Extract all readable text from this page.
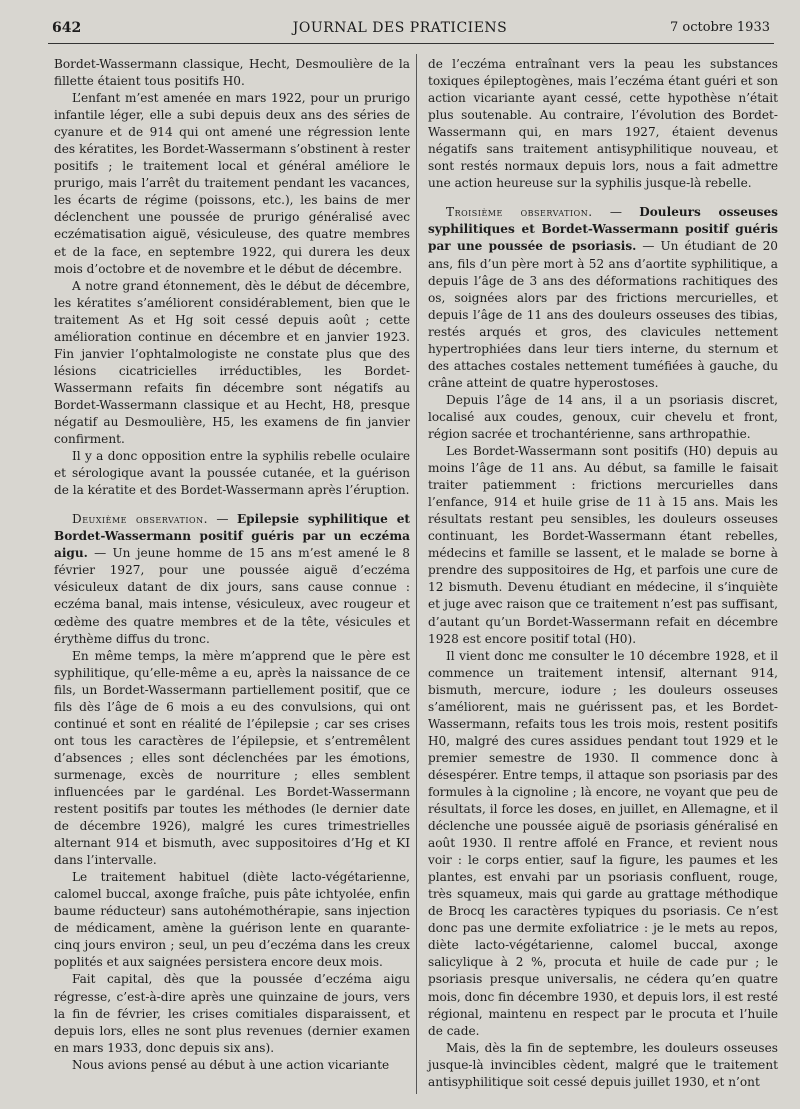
642	JOURNAL DES PRATICIENS	7 octobre 1933

Bordet-Wassermann classique, Hecht, Desmoulière de la fillette étaient tous positifs H0.

L’enfant m’est amenée en mars 1922, pour un prurigo infantile léger, elle a subi depuis deux ans des séries de cyanure et de 914 qui ont amené une régression lente des kératites, les Bordet-Wassermann s’obstinent à rester positifs ; le traitement local et général améliore le prurigo, mais l’arrêt du traitement pendant les vacances, les écarts de régime (poissons, etc.), les bains de mer déclenchent une poussée de prurigo généralisé avec eczématisation aiguë, vésiculeuse, des quatre membres et de la face, en septembre 1922, qui durera les deux mois d’octobre et de novembre et le début de décembre.

A notre grand étonnement, dès le début de décembre, les kératites s’améliorent considérablement, bien que le traitement As et Hg soit cessé depuis août ; cette amélioration continue en décembre et en janvier 1923. Fin janvier l’ophtalmologiste ne constate plus que des lésions cicatricielles irréductibles, les Bordet-Wassermann refaits fin décembre sont négatifs au Bordet-Wassermann classique et au Hecht, H8, presque négatif au Desmoulière, H5, les examens de fin janvier confirment.

Il y a donc opposition entre la syphilis rebelle oculaire et sérologique avant la poussée cutanée, et la guérison de la kératite et des Bordet-Wassermann après l’éruption.

Deuxième observation. — Epilepsie syphilitique et Bordet-Wassermann positif guéris par un eczéma aigu. — Un jeune homme de 15 ans m’est amené le 8 février 1927, pour une poussée aiguë d’eczéma vésiculeux datant de dix jours, sans cause connue : eczéma banal, mais intense, vésiculeux, avec rougeur et œdème des quatre membres et de la tête, vésicules et érythème diffus du tronc.

En même temps, la mère m’apprend que le père est syphilitique, qu’elle-même a eu, après la naissance de ce fils, un Bordet-Wassermann partiellement positif, que ce fils dès l’âge de 6 mois a eu des convulsions, qui ont continué et sont en réalité de l’épilepsie ; car ses crises ont tous les caractères de l’épilepsie, et s’entremêlent d’absences ; elles sont déclenchées par les émotions, surmenage, excès de nourriture ; elles semblent influencées par le gardénal. Les Bordet-Wassermann restent positifs par toutes les méthodes (le dernier date de décembre 1926), malgré les cures trimestrielles alternant 914 et bismuth, avec suppositoires d’Hg et KI dans l’intervalle.

Le traitement habituel (diète lacto-végétarienne, calomel buccal, axonge fraîche, puis pâte ichtyolée, enfin baume réducteur) sans autohémothérapie, sans injection de médicament, amène la guérison lente en quarante-cinq jours environ ; seul, un peu d’eczéma dans les creux poplités et aux saignées persistera encore deux mois.

Fait capital, dès que la poussée d’eczéma aigu régresse, c’est-à-dire après une quinzaine de jours, vers la fin de février, les crises comitiales disparaissent, et depuis lors, elles ne sont plus revenues (dernier examen en mars 1933, donc depuis six ans).

Nous avions pensé au début à une action vicariante

de l’eczéma entraînant vers la peau les substances toxiques épileptogènes, mais l’eczéma étant guéri et son action vicariante ayant cessé, cette hypothèse n’était plus soutenable. Au contraire, l’évolution des Bordet-Wassermann qui, en mars 1927, étaient devenus négatifs sans traitement antisyphilitique nouveau, et sont restés normaux depuis lors, nous a fait admettre une action heureuse sur la syphilis jusque-là rebelle.

Troisième observation. — Douleurs osseuses syphilitiques et Bordet-Wassermann positif guéris par une poussée de psoriasis. — Un étudiant de 20 ans, fils d’un père mort à 52 ans d’aortite syphilitique, a depuis l’âge de 3 ans des déformations rachitiques des os, soignées alors par des frictions mercurielles, et depuis l’âge de 11 ans des douleurs osseuses des tibias, restés arqués et gros, des clavicules nettement hypertrophiées dans leur tiers interne, du sternum et des attaches costales nettement tuméfiées à gauche, du crâne atteint de quatre hyperostoses.

Depuis l’âge de 14 ans, il a un psoriasis discret, localisé aux coudes, genoux, cuir chevelu et front, région sacrée et trochantérienne, sans arthropathie.

Les Bordet-Wassermann sont positifs (H0) depuis au moins l’âge de 11 ans. Au début, sa famille le faisait traiter patiemment : frictions mercurielles dans l’enfance, 914 et huile grise de 11 à 15 ans. Mais les résultats restant peu sensibles, les douleurs osseuses continuant, les Bordet-Wassermann étant rebelles, médecins et famille se lassent, et le malade se borne à prendre des suppositoires de Hg, et parfois une cure de 12 bismuth. Devenu étudiant en médecine, il s’inquiète et juge avec raison que ce traitement n’est pas suffisant, d’autant qu’un Bordet-Wassermann refait en décembre 1928 est encore positif total (H0).

Il vient donc me consulter le 10 décembre 1928, et il commence un traitement intensif, alternant 914, bismuth, mercure, iodure ; les douleurs osseuses s’améliorent, mais ne guérissent pas, et les Bordet-Wassermann, refaits tous les trois mois, restent positifs H0, malgré des cures assidues pendant tout 1929 et le premier semestre de 1930. Il commence donc à désespérer. Entre temps, il attaque son psoriasis par des formules à la cignoline ; là encore, ne voyant que peu de résultats, il force les doses, en juillet, en Allemagne, et il déclenche une poussée aiguë de psoriasis généralisé en août 1930. Il rentre affolé en France, et revient nous voir : le corps entier, sauf la figure, les paumes et les plantes, est envahi par un psoriasis confluent, rouge, très squameux, mais qui garde au grattage méthodique de Brocq les caractères typiques du psoriasis. Ce n’est donc pas une dermite exfoliatrice : je le mets au repos, diète lacto-végétarienne, calomel buccal, axonge salicylique à 2 %, procuta et huile de cade pur ; le psoriasis presque universalis, ne cédera qu’en quatre mois, donc fin décembre 1930, et depuis lors, il est resté régional, maintenu en respect par le procuta et l’huile de cade.

Mais, dès la fin de septembre, les douleurs osseuses jusque-là invincibles cèdent, malgré que le traitement antisyphilitique soit cessé depuis juillet 1930, et n’ont
